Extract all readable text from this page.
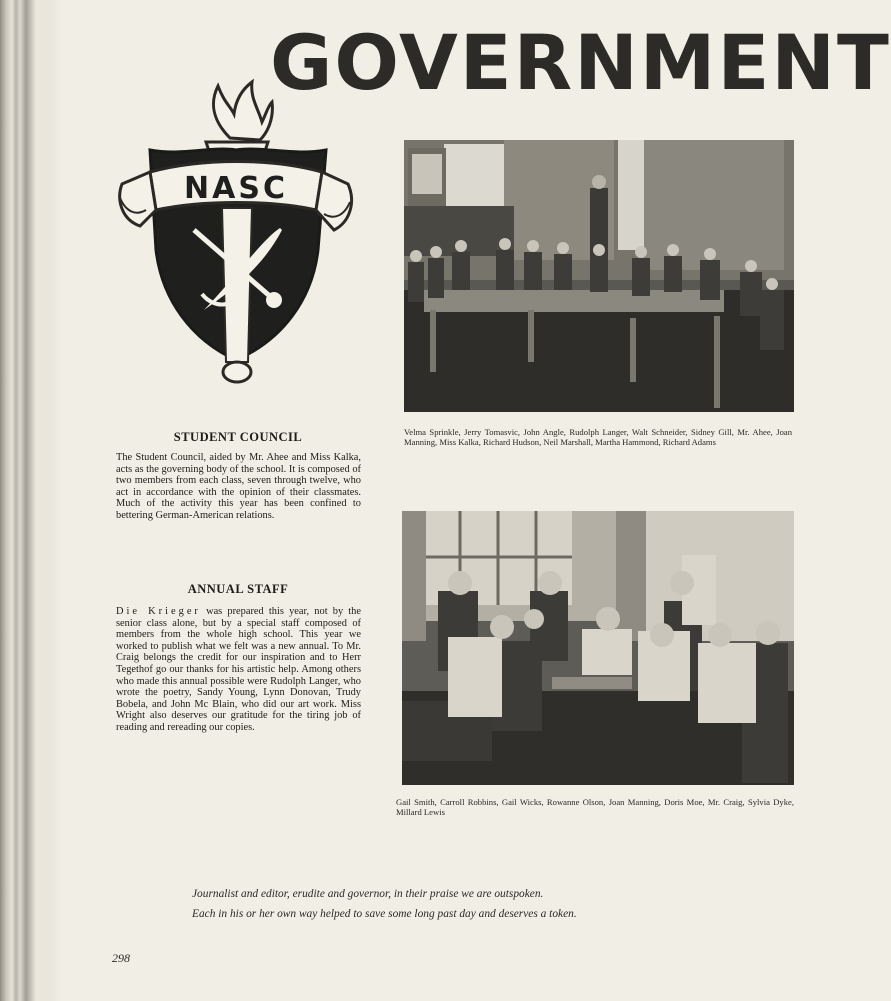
GOVERNMENT
NASC
Velma Sprinkle, Jerry Tomasvic, John Angle, Rudolph Langer, Walt Schneider, Sidney Gill, Mr. Ahee, Joan Manning, Miss Kalka, Richard Hudson, Neil Marshall, Martha Hammond, Richard Adams
STUDENT COUNCIL
The Student Council, aided by Mr. Ahee and Miss Kalka, acts as the governing body of the school. It is composed of two members from each class, seven through twelve, who act in accordance with the opinion of their classmates. Much of the activity this year has been confined to bettering German-American relations.
ANNUAL STAFF
Die Krieger was prepared this year, not by the senior class alone, but by a special staff composed of members from the whole high school. This year we worked to publish what we felt was a new annual. To Mr. Craig belongs the credit for our inspiration and to Herr Tegethof go our thanks for his artistic help. Among others who made this annual possible were Rudolph Langer, who wrote the poetry, Sandy Young, Lynn Donovan, Trudy Bobela, and John Mc Blain, who did our art work. Miss Wright also deserves our gratitude for the tiring job of reading and rereading our copies.
Gail Smith, Carroll Robbins, Gail Wicks, Rowanne Olson, Joan Manning, Doris Moe, Mr. Craig, Sylvia Dyke, Millard Lewis
Journalist and editor, erudite and governor, in their praise we are outspoken.
Each in his or her own way helped to save some long past day and deserves a token.
298
